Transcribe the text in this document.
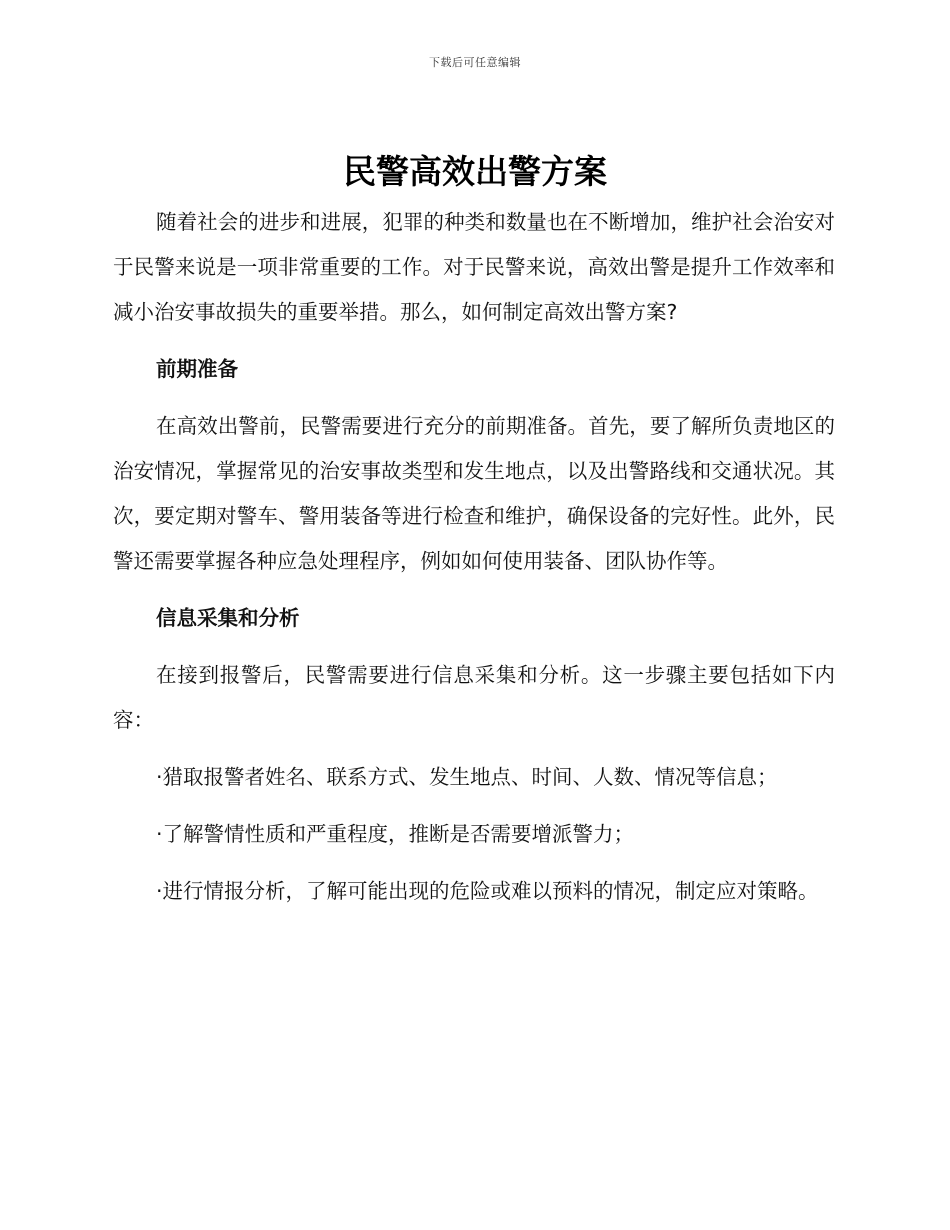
下载后可任意编辑
民警高效出警方案

随着社会的进步和进展，犯罪的种类和数量也在不断增加，维护社会治安对于民警来说是一项非常重要的工作。对于民警来说，高效出警是提升工作效率和减小治安事故损失的重要举措。那么，如何制定高效出警方案?

前期准备

在高效出警前，民警需要进行充分的前期准备。首先，要了解所负责地区的治安情况，掌握常见的治安事故类型和发生地点，以及出警路线和交通状况。其次，要定期对警车、警用装备等进行检查和维护，确保设备的完好性。此外，民警还需要掌握各种应急处理程序，例如如何使用装备、团队协作等。

信息采集和分析

在接到报警后，民警需要进行信息采集和分析。这一步骤主要包括如下内容：

·猎取报警者姓名、联系方式、发生地点、时间、人数、情况等信息；

·了解警情性质和严重程度，推断是否需要增派警力；

·进行情报分析，了解可能出现的危险或难以预料的情况，制定应对策略。
